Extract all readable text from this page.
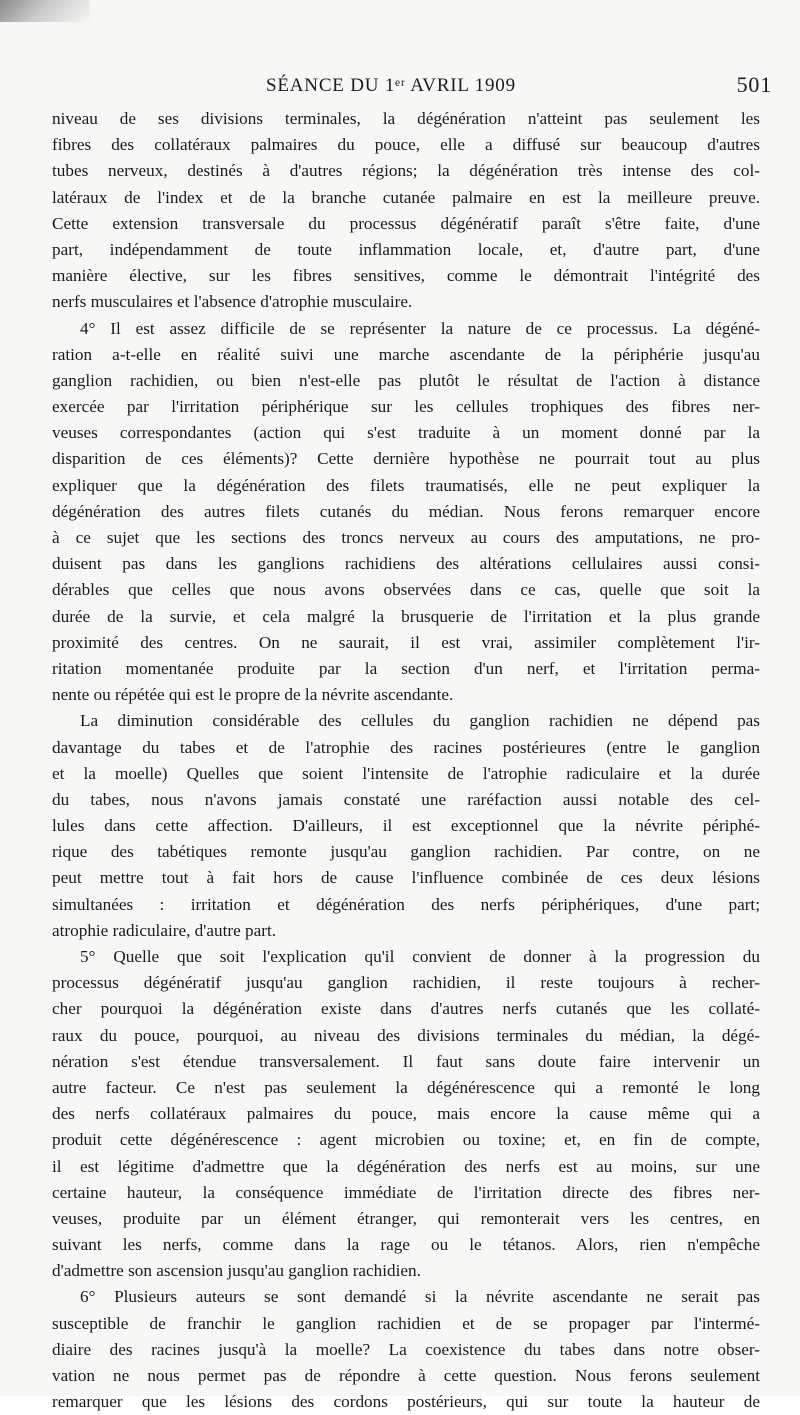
SÉANCE DU 1ᵉʳ AVRIL 1909	501
niveau de ses divisions terminales, la dégénération n'atteint pas seulement les
fibres des collatéraux palmaires du pouce, elle a diffusé sur beaucoup d'autres
tubes nerveux, destinés à d'autres régions; la dégénération très intense des col-
latéraux de l'index et de la branche cutanée palmaire en est la meilleure preuve.
Cette extension transversale du processus dégénératif paraît s'être faite, d'une
part, indépendamment de toute inflammation locale, et, d'autre part, d'une
manière élective, sur les fibres sensitives, comme le démontrait l'intégrité des
nerfs musculaires et l'absence d'atrophie musculaire.
4° Il est assez difficile de se représenter la nature de ce processus. La dégéné-
ration a-t-elle en réalité suivi une marche ascendante de la périphérie jusqu'au
ganglion rachidien, ou bien n'est-elle pas plutôt le résultat de l'action à distance
exercée par l'irritation périphérique sur les cellules trophiques des fibres ner-
veuses correspondantes (action qui s'est traduite à un moment donné par la
disparition de ces éléments)? Cette dernière hypothèse ne pourrait tout au plus
expliquer que la dégénération des filets traumatisés, elle ne peut expliquer la
dégénération des autres filets cutanés du médian. Nous ferons remarquer encore
à ce sujet que les sections des troncs nerveux au cours des amputations, ne pro-
duisent pas dans les ganglions rachidiens des altérations cellulaires aussi consi-
dérables que celles que nous avons observées dans ce cas, quelle que soit la
durée de la survie, et cela malgré la brusquerie de l'irritation et la plus grande
proximité des centres. On ne saurait, il est vrai, assimiler complètement l'ir-
ritation momentanée produite par la section d'un nerf, et l'irritation perma-
nente ou répétée qui est le propre de la névrite ascendante.
La diminution considérable des cellules du ganglion rachidien ne dépend pas
davantage du tabes et de l'atrophie des racines postérieures (entre le ganglion
et la moelle) Quelles que soient l'intensite de l'atrophie radiculaire et la durée
du tabes, nous n'avons jamais constaté une raréfaction aussi notable des cel-
lules dans cette affection. D'ailleurs, il est exceptionnel que la névrite périphé-
rique des tabétiques remonte jusqu'au ganglion rachidien. Par contre, on ne
peut mettre tout à fait hors de cause l'influence combinée de ces deux lésions
simultanées : irritation et dégénération des nerfs périphériques, d'une part;
atrophie radiculaire, d'autre part.
5° Quelle que soit l'explication qu'il convient de donner à la progression du
processus dégénératif jusqu'au ganglion rachidien, il reste toujours à recher-
cher pourquoi la dégénération existe dans d'autres nerfs cutanés que les collaté-
raux du pouce, pourquoi, au niveau des divisions terminales du médian, la dégé-
nération s'est étendue transversalement. Il faut sans doute faire intervenir un
autre facteur. Ce n'est pas seulement la dégénérescence qui a remonté le long
des nerfs collatéraux palmaires du pouce, mais encore la cause même qui a
produit cette dégénérescence : agent microbien ou toxine; et, en fin de compte,
il est légitime d'admettre que la dégénération des nerfs est au moins, sur une
certaine hauteur, la conséquence immédiate de l'irritation directe des fibres ner-
veuses, produite par un élément étranger, qui remonterait vers les centres, en
suivant les nerfs, comme dans la rage ou le tétanos. Alors, rien n'empêche
d'admettre son ascension jusqu'au ganglion rachidien.
6° Plusieurs auteurs se sont demandé si la névrite ascendante ne serait pas
susceptible de franchir le ganglion rachidien et de se propager par l'intermé-
diaire des racines jusqu'à la moelle? La coexistence du tabes dans notre obser-
vation ne nous permet pas de répondre à cette question. Nous ferons seulement
remarquer que les lésions des cordons postérieurs, qui sur toute la hauteur de
